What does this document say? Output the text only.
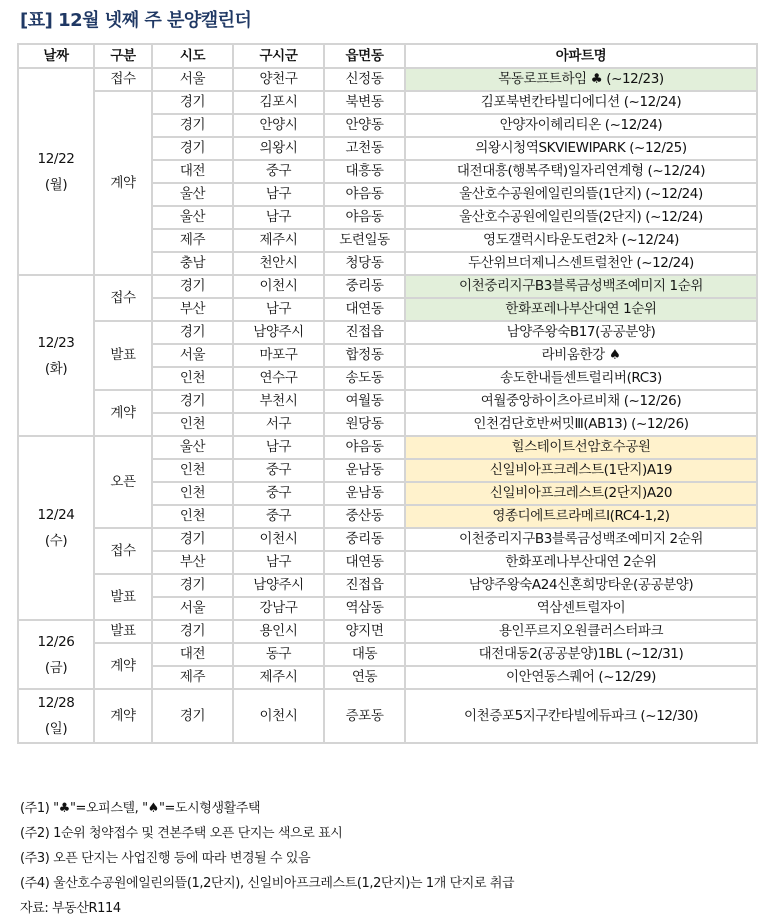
[표] 12월 넷째 주 분양캘린더
날짜	구분	시도	구시군	읍면동	아파트명

12/22
(월)	접수	서울	양천구	신정동	목동로프트하임 ♣ (~12/23)
	계약	경기	김포시	북변동	김포북변칸타빌디에디션 (~12/24)
		경기	안양시	안양동	안양자이헤리티온 (~12/24)
		경기	의왕시	고천동	의왕시청역SKVIEWIPARK (~12/25)
		대전	중구	대흥동	대전대흥(행복주택)일자리연계형 (~12/24)
		울산	남구	야음동	울산호수공원에일린의뜰(1단지) (~12/24)
		울산	남구	야음동	울산호수공원에일린의뜰(2단지) (~12/24)
		제주	제주시	도련일동	영도갤럭시타운도련2차 (~12/24)
		충남	천안시	청당동	두산위브더제니스센트럴천안 (~12/24)

12/23
(화)	접수	경기	이천시	중리동	이천중리지구B3블록금성백조예미지 1순위
		부산	남구	대연동	한화포레나부산대연 1순위
	발표	경기	남양주시	진접읍	남양주왕숙B17(공공분양)
		서울	마포구	합정동	라비움한강 ♠
		인천	연수구	송도동	송도한내들센트럴리버(RC3)
	계약	경기	부천시	여월동	여월중앙하이츠아르비채 (~12/26)
		인천	서구	원당동	인천검단호반써밋Ⅲ(AB13) (~12/26)

12/24
(수)	오픈	울산	남구	야음동	힐스테이트선암호수공원
		인천	중구	운남동	신일비아프크레스트(1단지)A19
		인천	중구	운남동	신일비아프크레스트(2단지)A20
		인천	중구	중산동	영종디에트르라메르Ⅰ(RC4-1,2)
	접수	경기	이천시	중리동	이천중리지구B3블록금성백조예미지 2순위
		부산	남구	대연동	한화포레나부산대연 2순위
	발표	경기	남양주시	진접읍	남양주왕숙A24신혼희망타운(공공분양)
		서울	강남구	역삼동	역삼센트럴자이

12/26
(금)	발표	경기	용인시	양지면	용인푸르지오원클러스터파크
	계약	대전	동구	대동	대전대동2(공공분양)1BL (~12/31)
		제주	제주시	연동	이안연동스퀘어 (~12/29)

12/28
(일)	계약	경기	이천시	증포동	이천증포5지구칸타빌에듀파크 (~12/30)
(주1) "♣"=오피스텔, "♠"=도시형생활주택
(주2) 1순위 청약접수 및 견본주택 오픈 단지는 색으로 표시
(주3) 오픈 단지는 사업진행 등에 따라 변경될 수 있음
(주4) 울산호수공원에일린의뜰(1,2단지), 신일비아프크레스트(1,2단지)는 1개 단지로 취급
자료: 부동산R114
